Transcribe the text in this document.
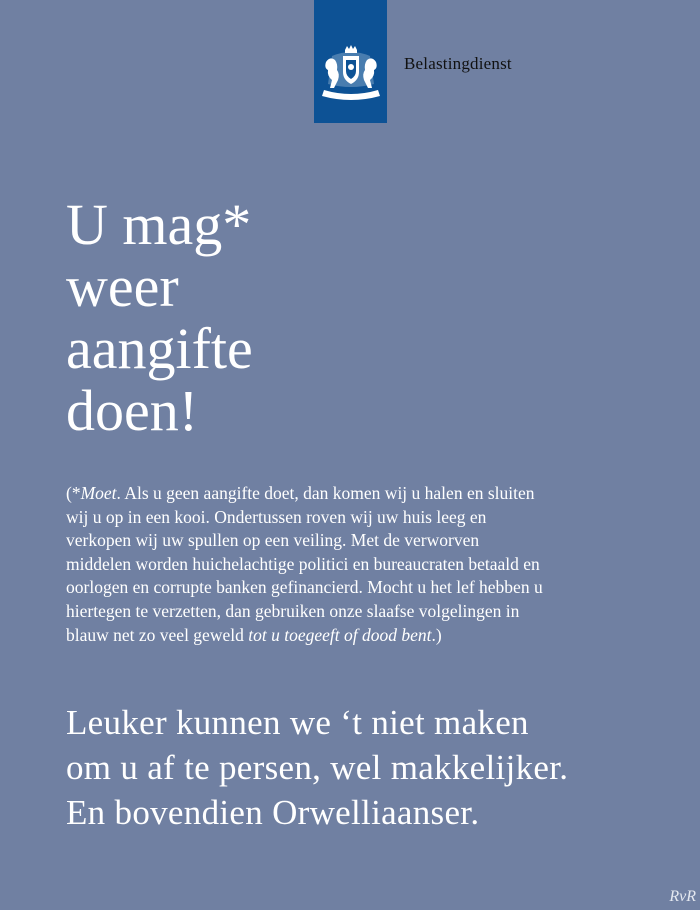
Belastingdienst
U mag*
weer
aangifte
doen!

(*Moet. Als u geen aangifte doet, dan komen wij u halen en sluiten wij u op in een kooi. Ondertussen roven wij uw huis leeg en verkopen wij uw spullen op een veiling. Met de verworven middelen worden huichelachtige politici en bureaucraten betaald en oorlogen en corrupte banken gefinancierd. Mocht u het lef hebben u hiertegen te verzetten, dan gebruiken onze slaafse volgelingen in blauw net zo veel geweld tot u toegeeft of dood bent.)

Leuker kunnen we ‘t niet maken
om u af te persen, wel makkelijker.
En bovendien Orwelliaanser.
RvR
